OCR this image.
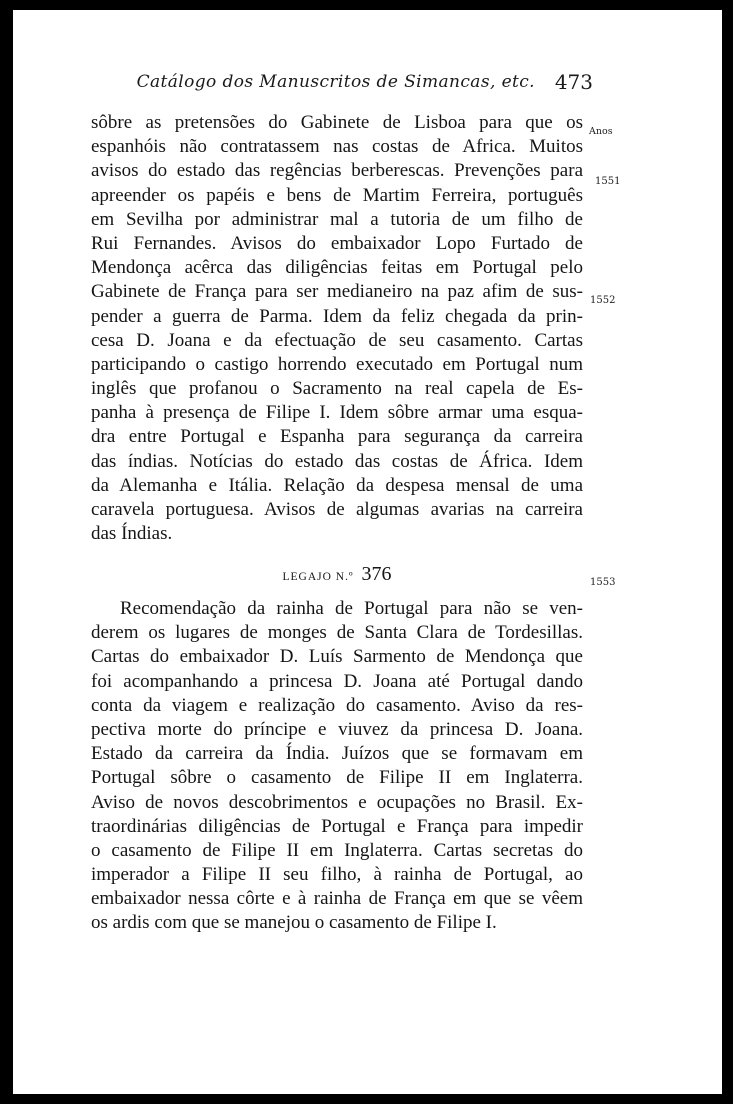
Catálogo dos Manuscritos de Simancas, etc. 473
Anos
1551
1552
1553
sôbre as pretensões do Gabinete de Lisboa para que os
espanhóis não contratassem nas costas de Africa. Muitos
avisos do estado das regências berberescas. Prevenções para
apreender os papéis e bens de Martim Ferreira, português
em Sevilha por administrar mal a tutoria de um filho de
Rui Fernandes. Avisos do embaixador Lopo Furtado de
Mendonça acêrca das diligências feitas em Portugal pelo
Gabinete de França para ser medianeiro na paz afim de sus-
pender a guerra de Parma. Idem da feliz chegada da prin-
cesa D. Joana e da efectuação de seu casamento. Cartas
participando o castigo horrendo executado em Portugal num
inglês que profanou o Sacramento na real capela de Es-
panha à presença de Filipe I. Idem sôbre armar uma esqua-
dra entre Portugal e Espanha para segurança da carreira
das índias. Notícias do estado das costas de África. Idem
da Alemanha e Itália. Relação da despesa mensal de uma
caravela portuguesa. Avisos de algumas avarias na carreira
das Índias.
LEGAJO N.º 376
Recomendação da rainha de Portugal para não se ven-
derem os lugares de monges de Santa Clara de Tordesillas.
Cartas do embaixador D. Luís Sarmento de Mendonça que
foi acompanhando a princesa D. Joana até Portugal dando
conta da viagem e realização do casamento. Aviso da res-
pectiva morte do príncipe e viuvez da princesa D. Joana.
Estado da carreira da Índia. Juízos que se formavam em
Portugal sôbre o casamento de Filipe II em Inglaterra.
Aviso de novos descobrimentos e ocupações no Brasil. Ex-
traordinárias diligências de Portugal e França para impedir
o casamento de Filipe II em Inglaterra. Cartas secretas do
imperador a Filipe II seu filho, à rainha de Portugal, ao
embaixador nessa côrte e à rainha de França em que se vêem
os ardis com que se manejou o casamento de Filipe I.
